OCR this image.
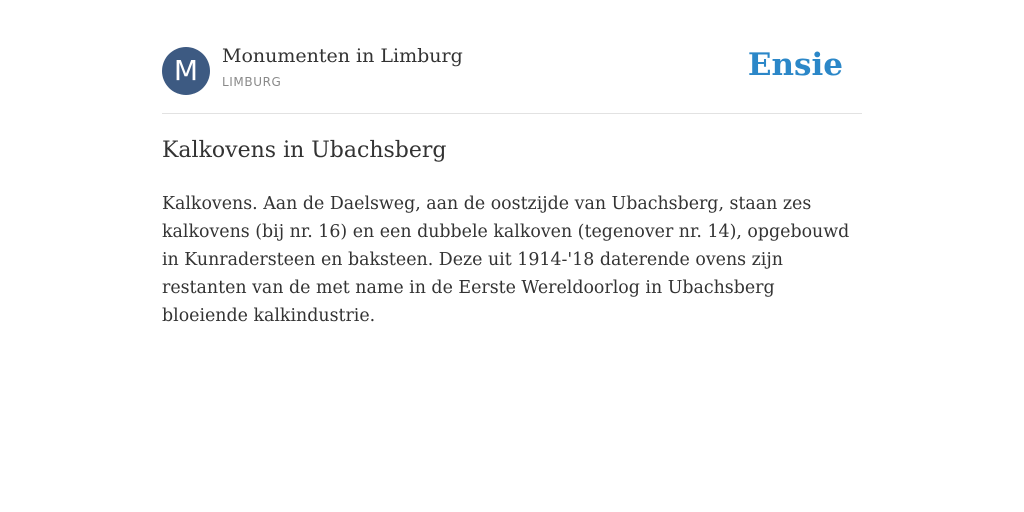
M	Monumenten in Limburg
LIMBURG	Ensie
Kalkovens in Ubachsberg

Kalkovens. Aan de Daelsweg, aan de oostzijde van Ubachsberg, staan zes kalkovens (bij nr. 16) en een dubbele kalkoven (tegenover nr. 14), opgebouwd in Kunradersteen en baksteen. Deze uit 1914-'18 daterende ovens zijn restanten van de met name in de Eerste Wereldoorlog in Ubachsberg bloeiende kalkindustrie.
